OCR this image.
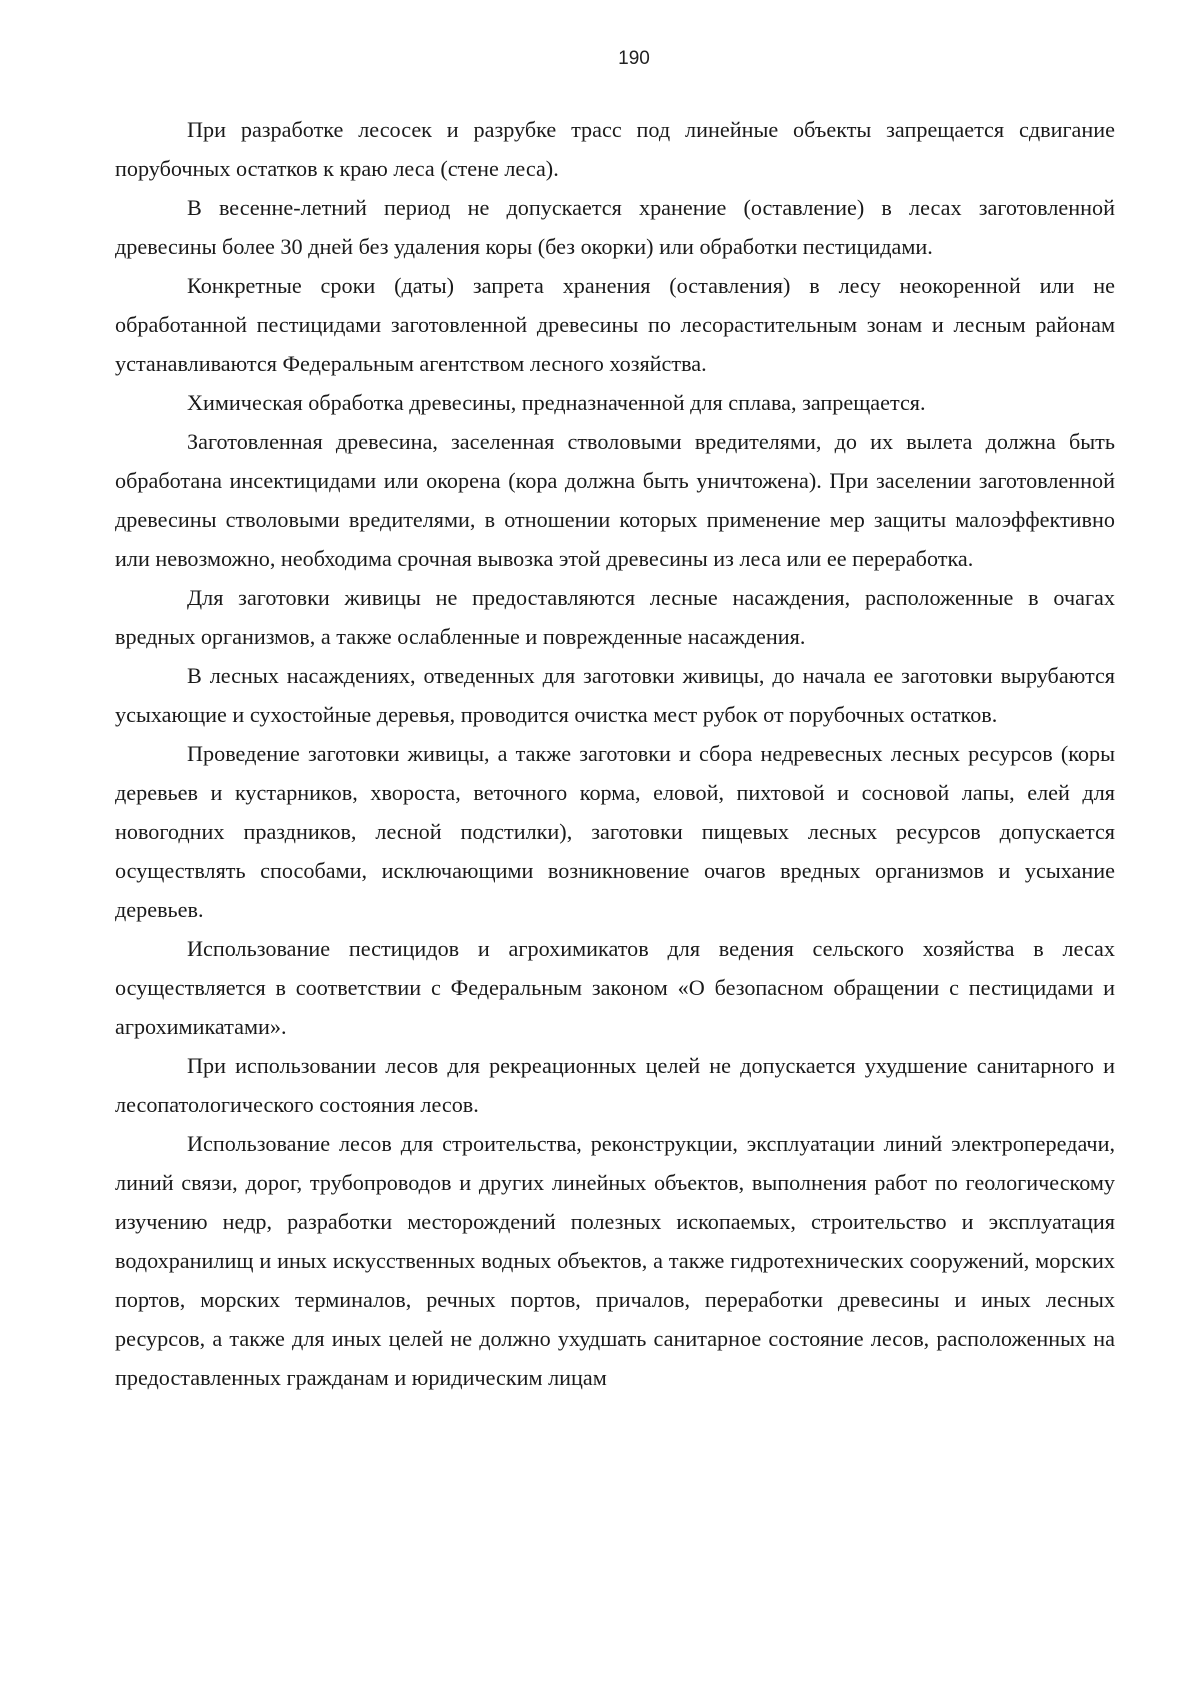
190

При разработке лесосек и разрубке трасс под линейные объекты запрещается сдвигание порубочных остатков к краю леса (стене леса).

В весенне-летний период не допускается хранение (оставление) в лесах заготовленной древесины более 30 дней без удаления коры (без окорки) или обработки пестицидами.

Конкретные сроки (даты) запрета хранения (оставления) в лесу неокоренной или не обработанной пестицидами заготовленной древесины по лесорастительным зонам и лесным районам устанавливаются Федеральным агентством лесного хозяйства.

Химическая обработка древесины, предназначенной для сплава, запрещается.

Заготовленная древесина, заселенная стволовыми вредителями, до их вылета должна быть обработана инсектицидами или окорена (кора должна быть уничтожена). При заселении заготовленной древесины стволовыми вредителями, в отношении которых применение мер защиты малоэффективно или невозможно, необходима срочная вывозка этой древесины из леса или ее переработка.

Для заготовки живицы не предоставляются лесные насаждения, расположенные в очагах вредных организмов, а также ослабленные и поврежденные насаждения.

В лесных насаждениях, отведенных для заготовки живицы, до начала ее заготовки вырубаются усыхающие и сухостойные деревья, проводится очистка мест рубок от порубочных остатков.

Проведение заготовки живицы, а также заготовки и сбора недревесных лесных ресурсов (коры деревьев и кустарников, хвороста, веточного корма, еловой, пихтовой и сосновой лапы, елей для новогодних праздников, лесной подстилки), заготовки пищевых лесных ресурсов допускается осуществлять способами, исключающими возникновение очагов вредных организмов и усыхание деревьев.

Использование пестицидов и агрохимикатов для ведения сельского хозяйства в лесах осуществляется в соответствии с Федеральным законом «О безопасном обращении с пестицидами и агрохимикатами».

При использовании лесов для рекреационных целей не допускается ухудшение санитарного и лесопатологического состояния лесов.

Использование лесов для строительства, реконструкции, эксплуатации линий электропередачи, линий связи, дорог, трубопроводов и других линейных объектов, выполнения работ по геологическому изучению недр, разработки месторождений полезных ископаемых, строительство и эксплуатация водохранилищ и иных искусственных водных объектов, а также гидротехнических сооружений, морских портов, морских терминалов, речных портов, причалов, переработки древесины и иных лесных ресурсов, а также для иных целей не должно ухудшать санитарное состояние лесов, расположенных на предоставленных гражданам и юридическим лицам
